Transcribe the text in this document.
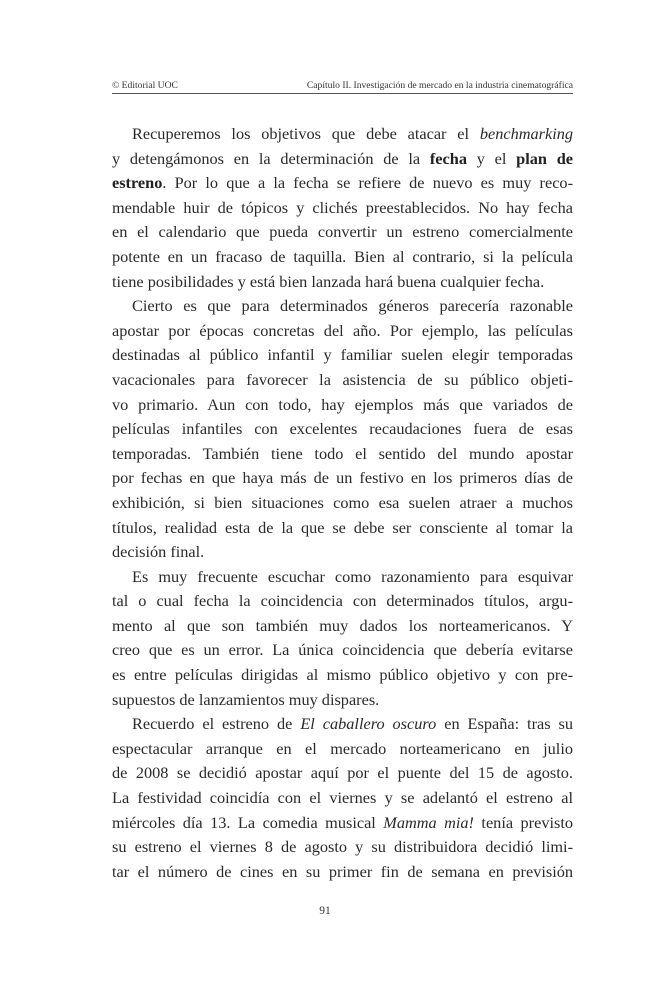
© Editorial UOC	Capítulo II. Investigación de mercado en la industria cinematográfica
Recuperemos los objetivos que debe atacar el benchmarking
y detengámonos en la determinación de la fecha y el plan de
estreno. Por lo que a la fecha se refiere de nuevo es muy reco-
mendable huir de tópicos y clichés preestablecidos. No hay fecha
en el calendario que pueda convertir un estreno comercialmente
potente en un fracaso de taquilla. Bien al contrario, si la película
tiene posibilidades y está bien lanzada hará buena cualquier fecha.
Cierto es que para determinados géneros parecería razonable
apostar por épocas concretas del año. Por ejemplo, las películas
destinadas al público infantil y familiar suelen elegir temporadas
vacacionales para favorecer la asistencia de su público objeti-
vo primario. Aun con todo, hay ejemplos más que variados de
películas infantiles con excelentes recaudaciones fuera de esas
temporadas. También tiene todo el sentido del mundo apostar
por fechas en que haya más de un festivo en los primeros días de
exhibición, si bien situaciones como esa suelen atraer a muchos
títulos, realidad esta de la que se debe ser consciente al tomar la
decisión final.
Es muy frecuente escuchar como razonamiento para esquivar
tal o cual fecha la coincidencia con determinados títulos, argu-
mento al que son también muy dados los norteamericanos. Y
creo que es un error. La única coincidencia que debería evitarse
es entre películas dirigidas al mismo público objetivo y con pre-
supuestos de lanzamientos muy dispares.
Recuerdo el estreno de El caballero oscuro en España: tras su
espectacular arranque en el mercado norteamericano en julio
de 2008 se decidió apostar aquí por el puente del 15 de agosto.
La festividad coincidía con el viernes y se adelantó el estreno al
miércoles día 13. La comedia musical Mamma mia! tenía previsto
su estreno el viernes 8 de agosto y su distribuidora decidió limi-
tar el número de cines en su primer fin de semana en previsión
91
